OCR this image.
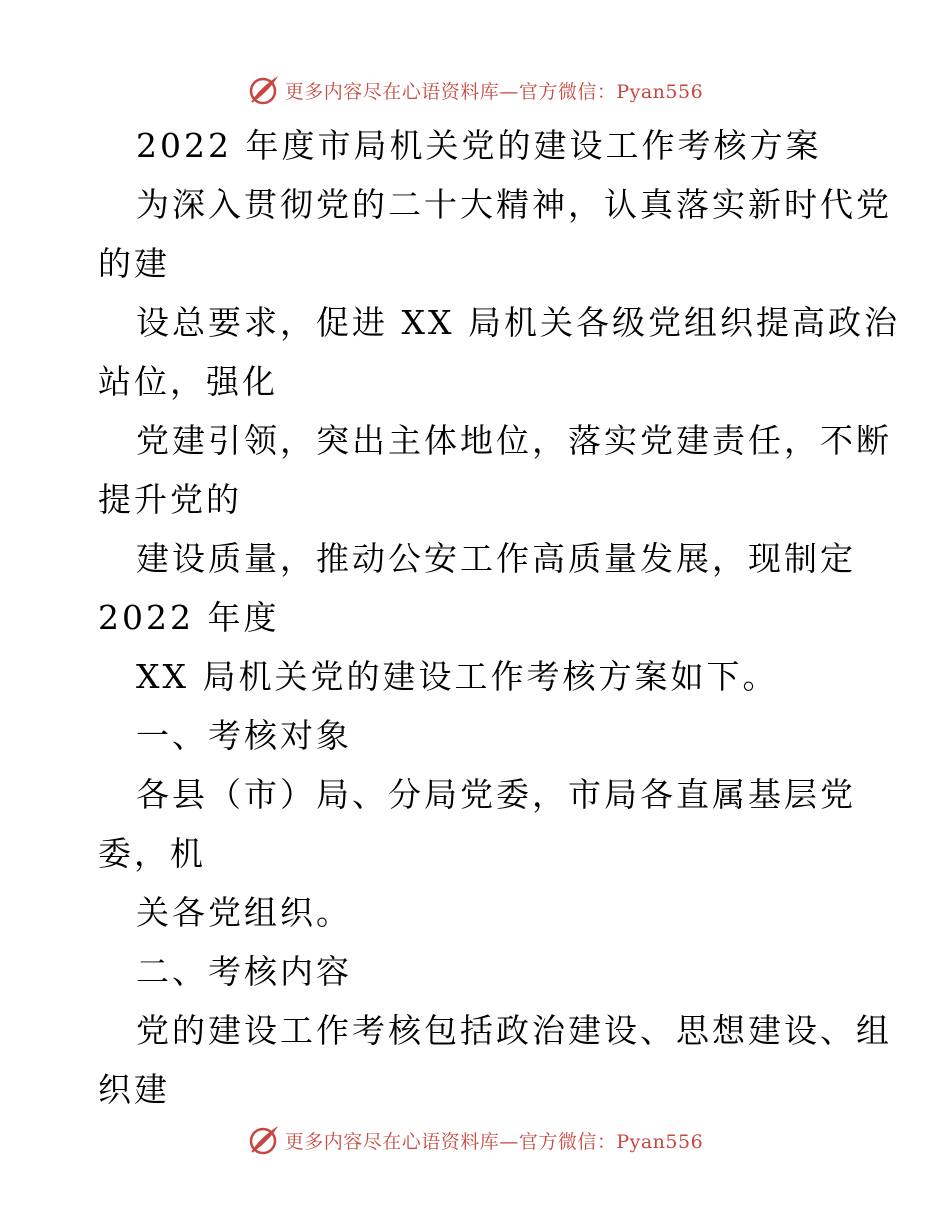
更多内容尽在心语资料库—官方微信：Pyan556
2022 年度市局机关党的建设工作考核方案
为深入贯彻党的二十大精神，认真落实新时代党
的建
设总要求，促进 XX 局机关各级党组织提高政治
站位，强化
党建引领，突出主体地位，落实党建责任，不断
提升党的
建设质量，推动公安工作高质量发展，现制定
2022 年度
XX 局机关党的建设工作考核方案如下。
一、考核对象
各县（市）局、分局党委，市局各直属基层党
委，机
关各党组织。
二、考核内容
党的建设工作考核包括政治建设、思想建设、组
织建
更多内容尽在心语资料库—官方微信：Pyan556
